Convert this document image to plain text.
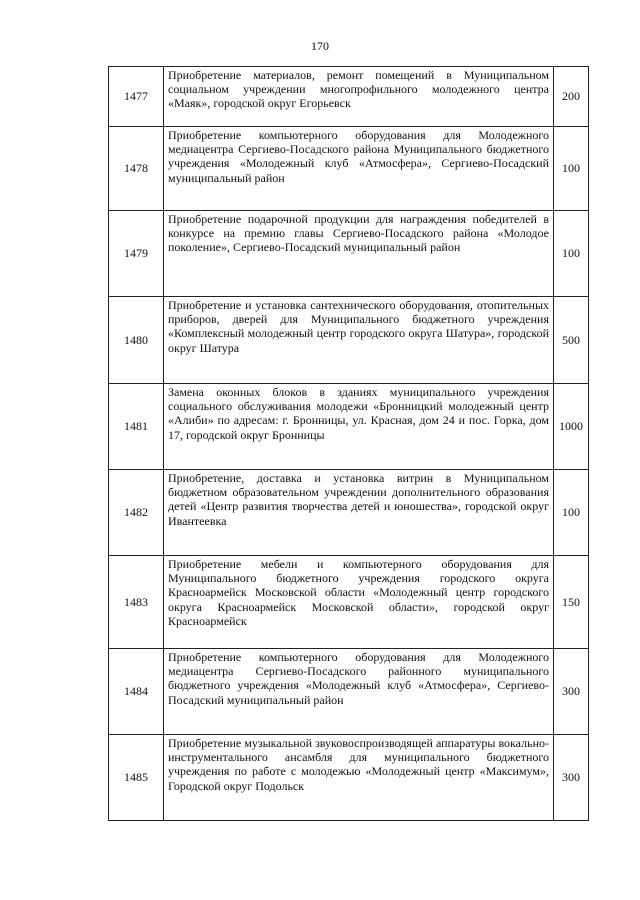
170
1477	Приобретение материалов, ремонт помещений в Муниципальном социальном учреждении многопрофильного молодежного центра «Маяк», городской округ Егорьевск	200
1478	Приобретение компьютерного оборудования для Молодежного медиацентра Сергиево-Посадского района Муниципального бюджетного учреждения «Молодежный клуб «Атмосфера», Сергиево-Посадский муниципальный район	100
1479	Приобретение подарочной продукции для награждения победителей в конкурсе на премию главы Сергиево-Посадского района «Молодое поколение», Сергиево-Посадский муниципальный район	100
1480	Приобретение и установка сантехнического оборудования, отопительных приборов, дверей для Муниципального бюджетного учреждения «Комплексный молодежный центр городского округа Шатура», городской округ Шатура	500
1481	Замена оконных блоков в зданиях муниципального учреждения социального обслуживания молодежи «Бронницкий молодежный центр «Алиби» по адресам: г. Бронницы, ул. Красная, дом 24 и пос. Горка, дом 17, городской округ Бронницы	1000
1482	Приобретение, доставка и установка витрин в Муниципальном бюджетном образовательном учреждении дополнительного образования детей «Центр развития творчества детей и юношества», городской округ Ивантеевка	100
1483	Приобретение мебели и компьютерного оборудования для Муниципального бюджетного учреждения городского округа Красноармейск Московской области «Молодежный центр городского округа Красноармейск Московской области», городской округ Красноармейск	150
1484	Приобретение компьютерного оборудования для Молодежного медиацентра Сергиево-Посадского районного муниципального бюджетного учреждения «Молодежный клуб «Атмосфера», Сергиево-Посадский муниципальный район	300
1485	Приобретение музыкальной звуковоспроизводящей аппаратуры вокально-инструментального ансамбля для муниципального бюджетного учреждения по работе с молодежью «Молодежный центр «Максимум», Городской округ Подольск	300
